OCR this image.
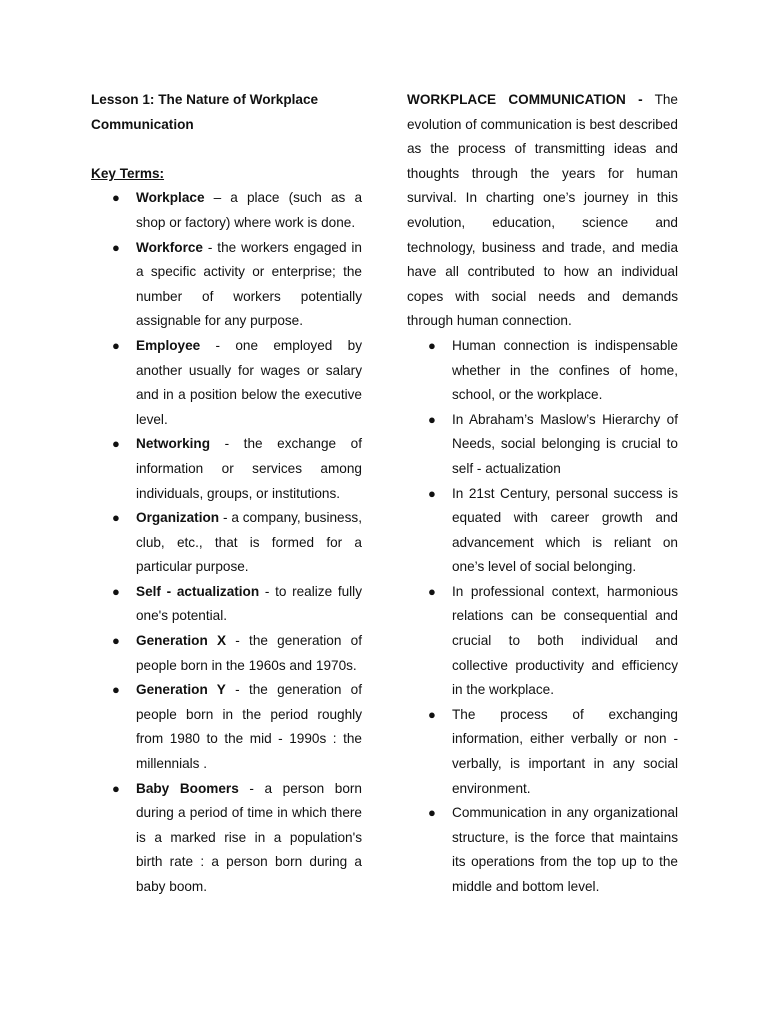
Lesson 1: The Nature of Workplace Communication

Key Terms:

● Workplace – a place (such as a shop or factory) where work is done.
● Workforce - the workers engaged in a specific activity or enterprise; the number of workers potentially assignable for any purpose.
● Employee - one employed by another usually for wages or salary and in a position below the executive level.
● Networking - the exchange of information or services among individuals, groups, or institutions.
● Organization - a company, business, club, etc., that is formed for a particular purpose.
● Self - actualization - to realize fully one's potential.
● Generation X - the generation of people born in the 1960s and 1970s.
● Generation Y - the generation of people born in the period roughly from 1980 to the mid - 1990s : the millennials .
● Baby Boomers - a person born during a period of time in which there is a marked rise in a population's birth rate : a person born during a baby boom.

WORKPLACE COMMUNICATION - The evolution of communication is best described as the process of transmitting ideas and thoughts through the years for human survival. In charting one’s journey in this evolution, education, science and technology, business and trade, and media have all contributed to how an individual copes with social needs and demands through human connection.

● Human connection is indispensable whether in the confines of home, school, or the workplace.
● In Abraham’s Maslow’s Hierarchy of Needs, social belonging is crucial to self - actualization
● In 21st Century, personal success is equated with career growth and advancement which is reliant on one’s level of social belonging.
● In professional context, harmonious relations can be consequential and crucial to both individual and collective productivity and efficiency in the workplace.
● The process of exchanging information, either verbally or non - verbally, is important in any social environment.
● Communication in any organizational structure, is the force that maintains its operations from the top up to the middle and bottom level.
